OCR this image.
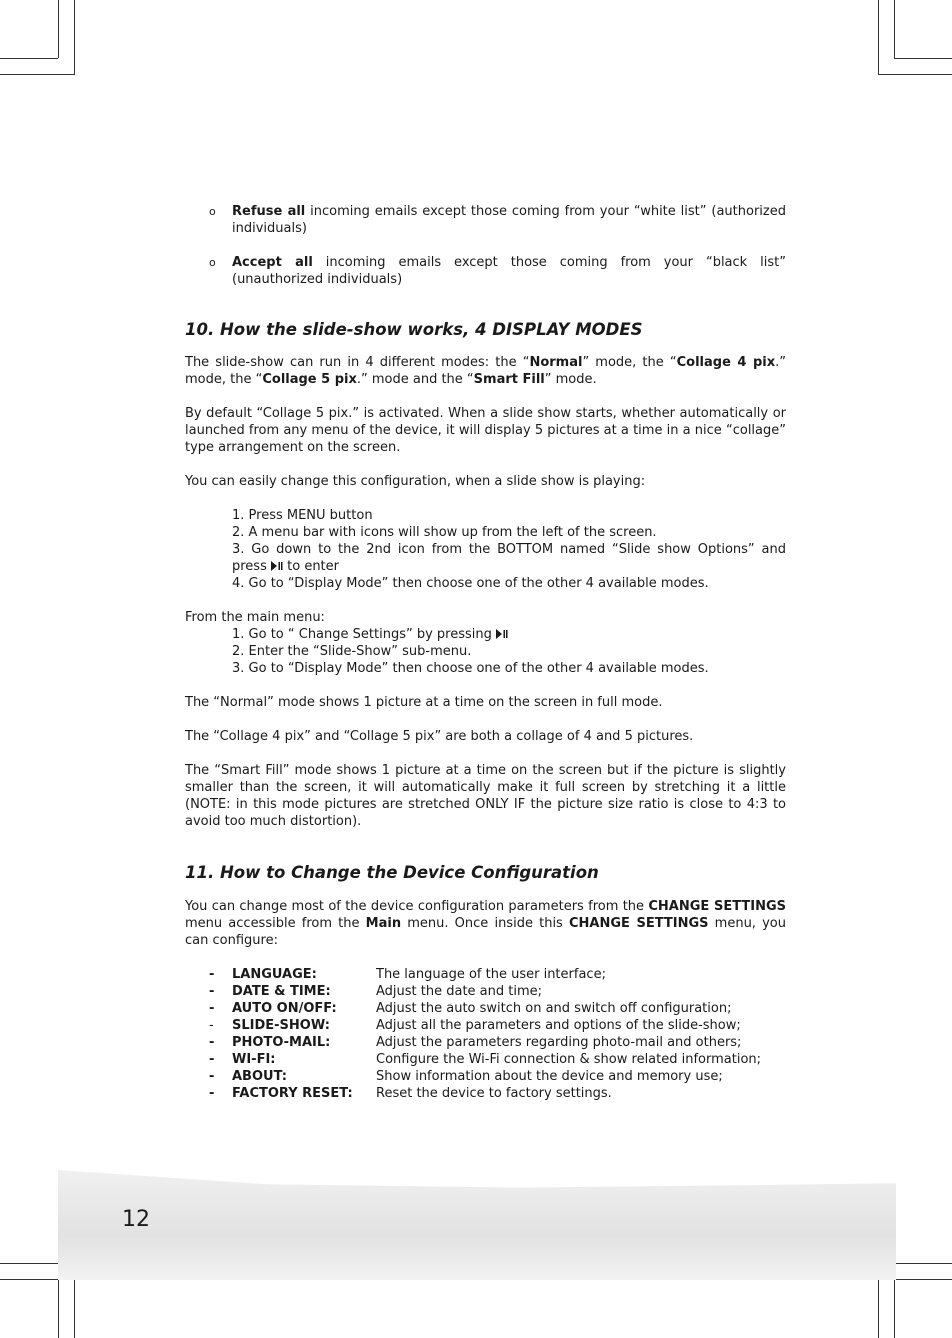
12
o Refuse all incoming emails except those coming from your “white list” (authorized individuals)
o Accept all incoming emails except those coming from your “black list” (unauthorized individuals)
10. How the slide-show works, 4 DISPLAY MODES

The slide-show can run in 4 different modes: the “Normal” mode, the “Collage 4 pix.” mode, the “Collage 5 pix.” mode and the “Smart Fill” mode.

By default “Collage 5 pix.” is activated. When a slide show starts, whether automatically or launched from any menu of the device, it will display 5 pictures at a time in a nice “collage” type arrangement on the screen.

You can easily change this configuration, when a slide show is playing:

1. Press MENU button
2. A menu bar with icons will show up from the left of the screen.
3. Go down to the 2nd icon from the BOTTOM named “Slide show Options” and press  to enter
4. Go to “Display Mode” then choose one of the other 4 available modes.

From the main menu:

1. Go to “ Change Settings” by pressing
2. Enter the “Slide-Show” sub-menu.
3. Go to “Display Mode” then choose one of the other 4 available modes.

The “Normal” mode shows 1 picture at a time on the screen in full mode.

The “Collage 4 pix” and “Collage 5 pix” are both a collage of 4 and 5 pictures.

The “Smart Fill” mode shows 1 picture at a time on the screen but if the picture is slightly smaller than the screen, it will automatically make it full screen by stretching it a little (NOTE: in this mode pictures are stretched ONLY IF the picture size ratio is close to 4:3 to avoid too much distortion).

11. How to Change the Device Configuration

You can change most of the device configuration parameters from the CHANGE SETTINGS menu accessible from the Main menu. Once inside this CHANGE SETTINGS menu, you can configure:

- LANGUAGE:	The language of the user interface;
- DATE & TIME:	Adjust the date and time;
- AUTO ON/OFF:	Adjust the auto switch on and switch off configuration;
- SLIDE-SHOW:	Adjust all the parameters and options of the slide-show;
- PHOTO-MAIL:	Adjust the parameters regarding photo-mail and others;
- WI-FI:	Configure the Wi-Fi connection & show related information;
- ABOUT:	Show information about the device and memory use;
- FACTORY RESET: Reset the device to factory settings.
